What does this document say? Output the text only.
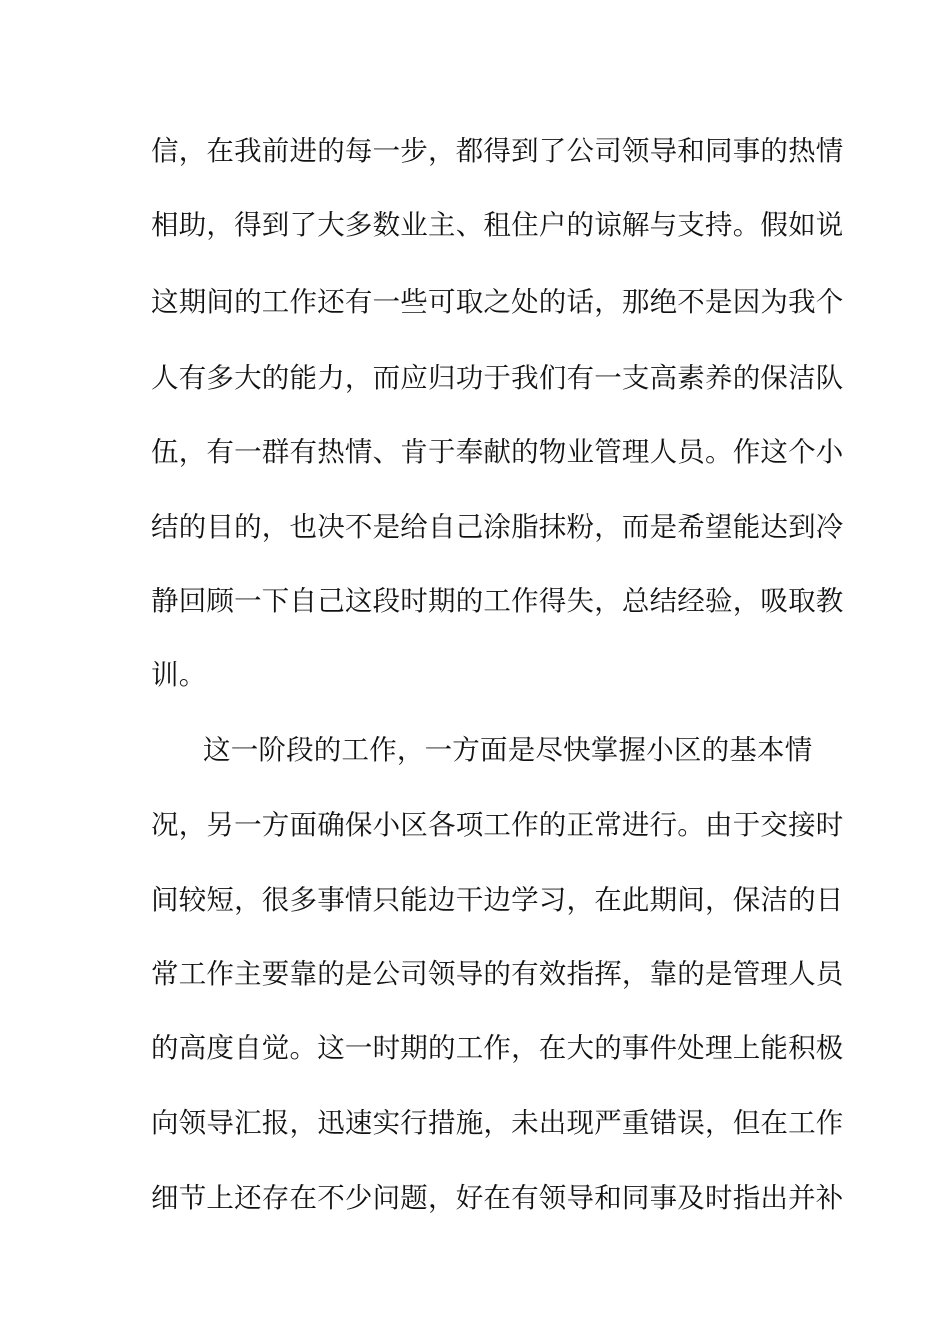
信，在我前进的每一步，都得到了公司领导和同事的热情
相助，得到了大多数业主、租住户的谅解与支持。假如说
这期间的工作还有一些可取之处的话，那绝不是因为我个
人有多大的能力，而应归功于我们有一支高素养的保洁队
伍，有一群有热情、肯于奉献的物业管理人员。作这个小
结的目的，也决不是给自己涂脂抹粉，而是希望能达到冷
静回顾一下自己这段时期的工作得失，总结经验，吸取教
训。
这一阶段的工作，一方面是尽快掌握小区的基本情
况，另一方面确保小区各项工作的正常进行。由于交接时
间较短，很多事情只能边干边学习，在此期间，保洁的日
常工作主要靠的是公司领导的有效指挥，靠的是管理人员
的高度自觉。这一时期的工作，在大的事件处理上能积极
向领导汇报，迅速实行措施，未出现严重错误，但在工作
细节上还存在不少问题，好在有领导和同事及时指出并补
